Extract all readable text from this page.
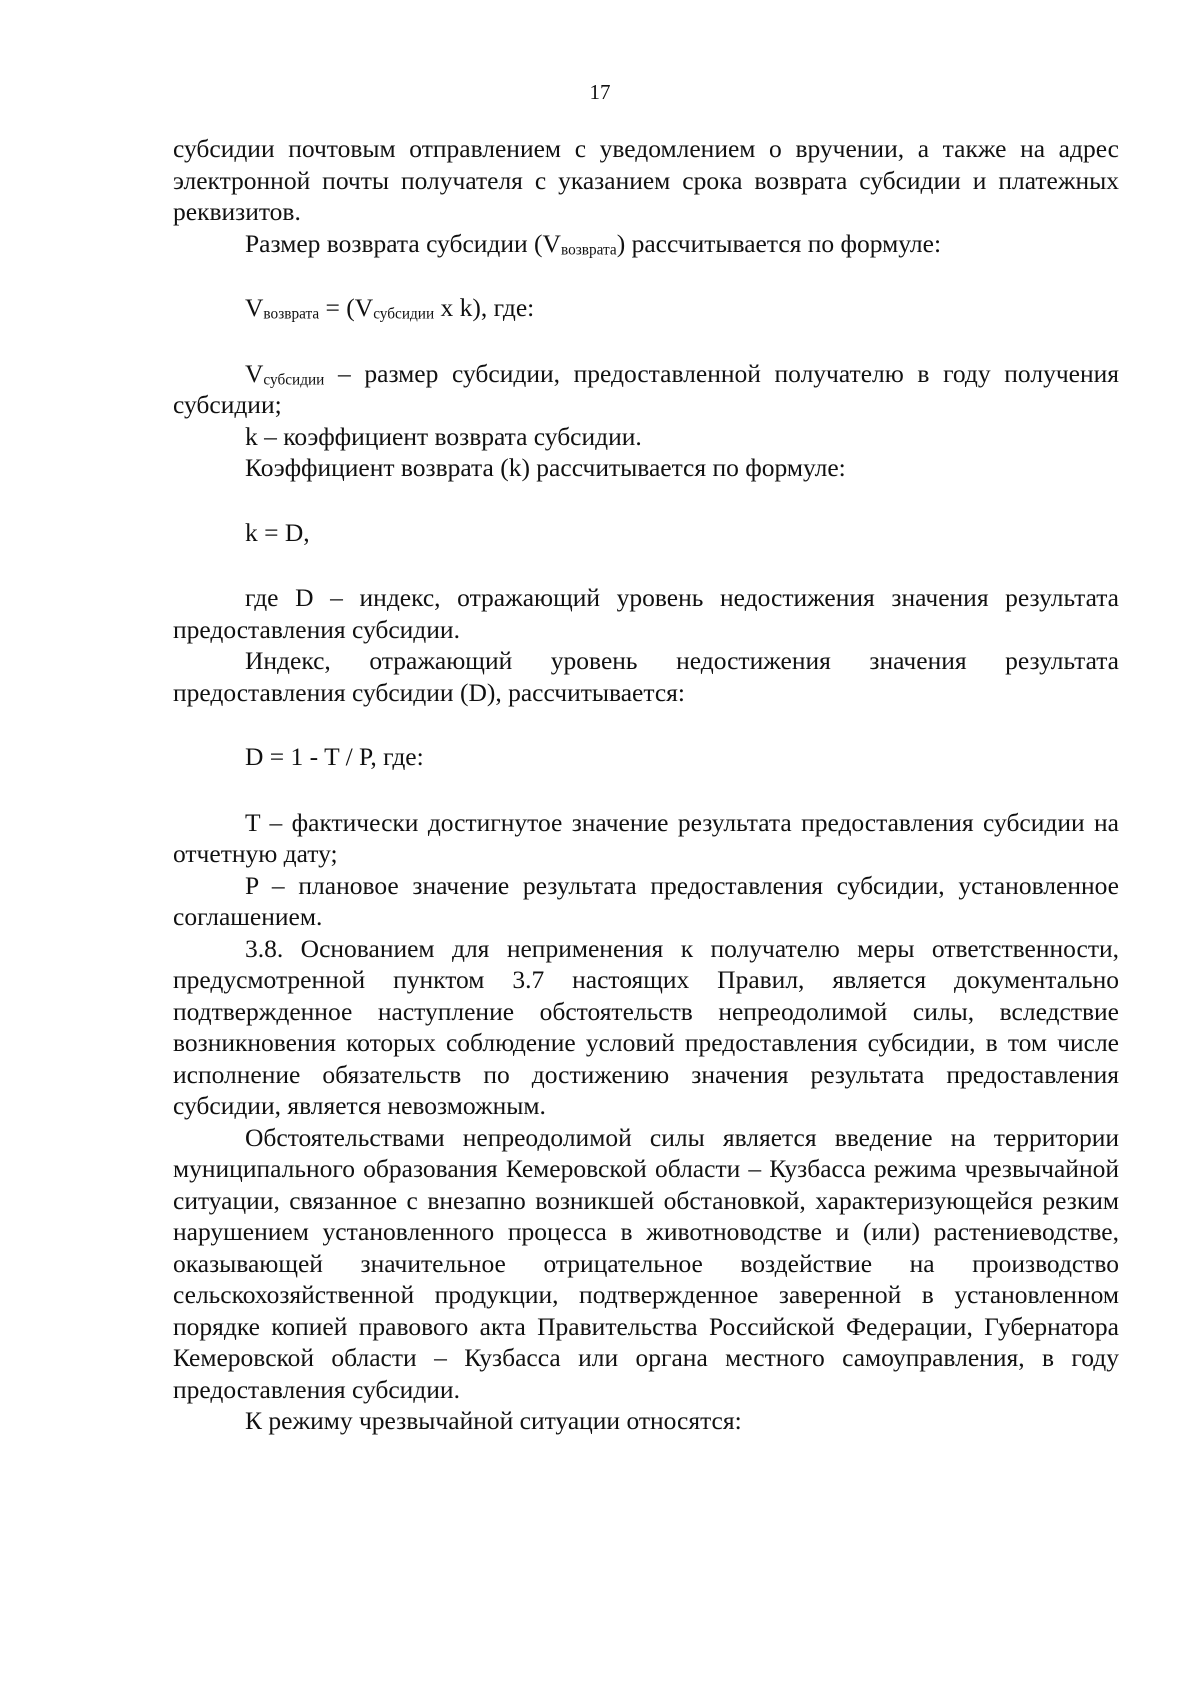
17

субсидии почтовым отправлением с уведомлением о вручении, а также на адрес электронной почты получателя с указанием срока возврата субсидии и платежных реквизитов.

Размер возврата субсидии $(V_{возврата})$ рассчитывается по формуле:

$V_{возврата} = (V_{субсидии}$ x k), где:

$V_{субсидии}$ – размер субсидии, предоставленной получателю в году получения субсидии;

k – коэффициент возврата субсидии.

Коэффициент возврата (k) рассчитывается по формуле:

k = D,

где D – индекс, отражающий уровень недостижения значения результата предоставления субсидии.

Индекс, отражающий уровень недостижения значения результата предоставления субсидии (D), рассчитывается:

D = 1 - T / P, где:

T – фактически достигнутое значение результата предоставления субсидии на отчетную дату;

P – плановое значение результата предоставления субсидии, установленное соглашением.

3.8. Основанием для неприменения к получателю меры ответственности, предусмотренной пунктом 3.7 настоящих Правил, является документально подтвержденное наступление обстоятельств непреодолимой силы, вследствие возникновения которых соблюдение условий предоставления субсидии, в том числе исполнение обязательств по достижению значения результата предоставления субсидии, является невозможным.

Обстоятельствами непреодолимой силы является введение на территории муниципального образования Кемеровской области – Кузбасса режима чрезвычайной ситуации, связанное с внезапно возникшей обстановкой, характеризующейся резким нарушением установленного процесса в животноводстве и (или) растениеводстве, оказывающей значительное отрицательное воздействие на производство сельскохозяйственной продукции, подтвержденное заверенной в установленном порядке копией правового акта Правительства Российской Федерации, Губернатора Кемеровской области – Кузбасса или органа местного самоуправления, в году предоставления субсидии.

К режиму чрезвычайной ситуации относятся:
